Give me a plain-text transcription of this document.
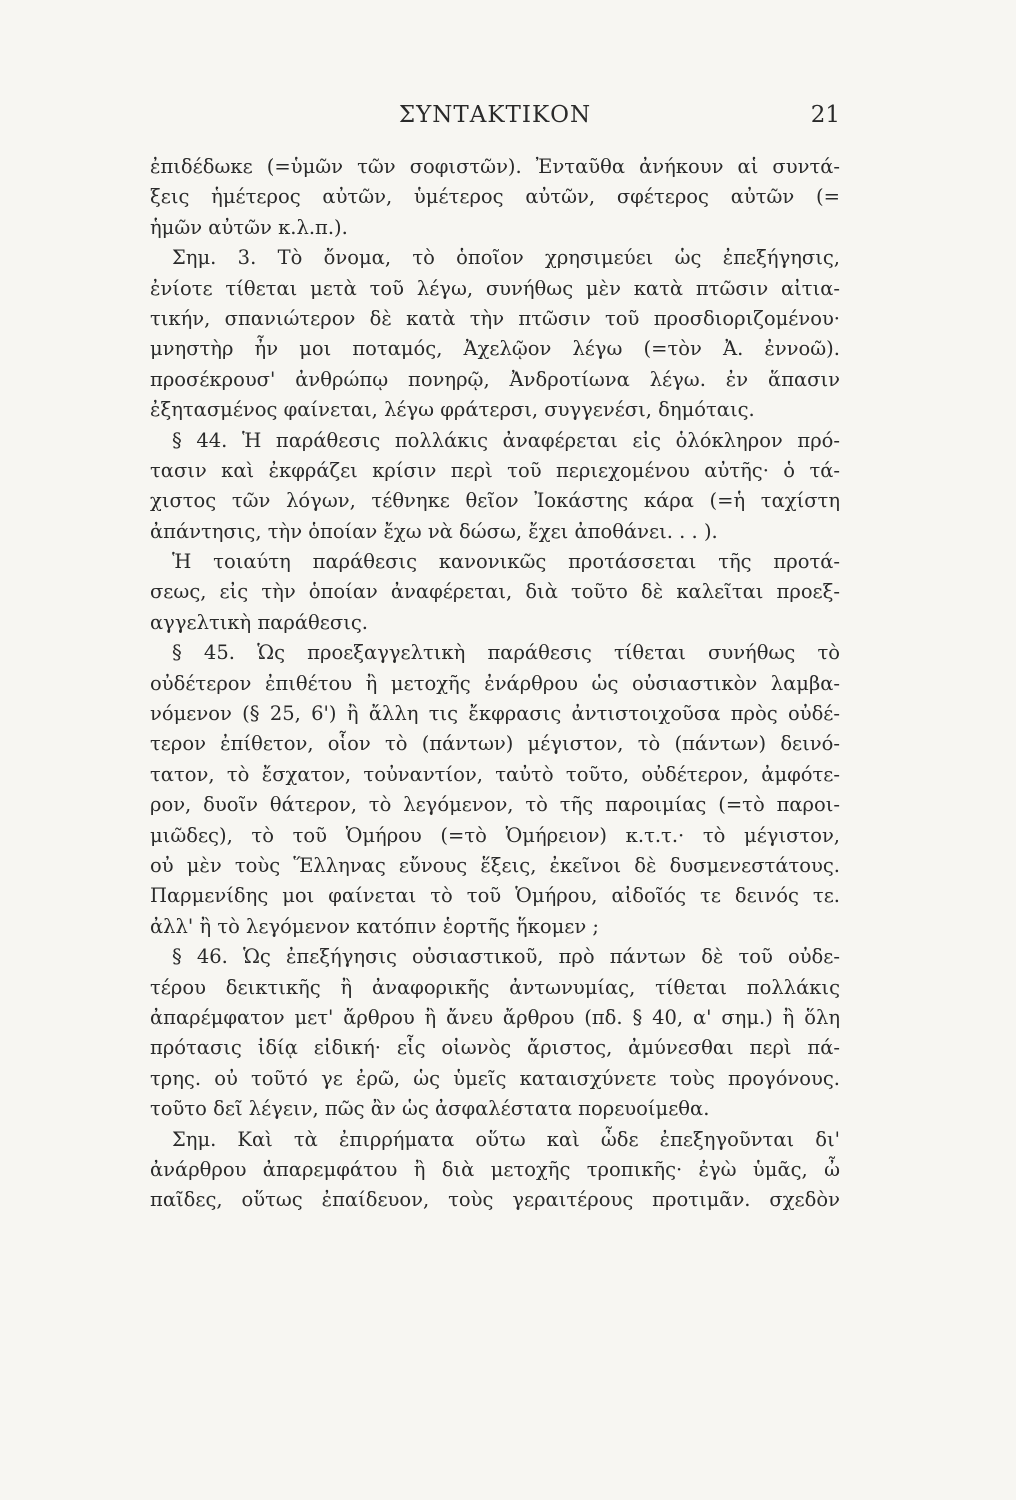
ΣΥΝΤΑΚΤΙΚΟΝ	21
ἐπιδέδωκε (=ὑμῶν τῶν σοφιστῶν). Ἐνταῦθα ἀνήκουν αἱ συντά-
ξεις ἡμέτερος αὐτῶν, ὑμέτερος αὐτῶν, σφέτερος αὐτῶν (=
ἡμῶν αὐτῶν κ.λ.π.).
Σημ. 3. Τὸ ὄνομα, τὸ ὁποῖον χρησιμεύει ὡς ἐπεξήγησις,
ἐνίοτε τίθεται μετὰ τοῦ λέγω, συνήθως μὲν κατὰ πτῶσιν αἰτια-
τικήν, σπανιώτερον δὲ κατὰ τὴν πτῶσιν τοῦ προσδιοριζομένου·
μνηστὴρ ἦν μοι ποταμός, Ἀχελῷον λέγω (=τὸν Ἀ. ἐννοῶ).
προσέκρουσ' ἀνθρώπῳ πονηρῷ, Ἀνδροτίωνα λέγω. ἐν ἅπασιν
ἐξητασμένος φαίνεται, λέγω φράτερσι, συγγενέσι, δημόταις.
§ 44. Ἡ παράθεσις πολλάκις ἀναφέρεται εἰς ὁλόκληρον πρό-
τασιν καὶ ἐκφράζει κρίσιν περὶ τοῦ περιεχομένου αὐτῆς· ὁ τά-
χιστος τῶν λόγων, τέθνηκε θεῖον Ἰοκάστης κάρα (=ἡ ταχίστη
ἀπάντησις, τὴν ὁποίαν ἔχω νὰ δώσω, ἔχει ἀποθάνει. . . ).
Ἡ τοιαύτη παράθεσις κανονικῶς προτάσσεται τῆς προτά-
σεως, εἰς τὴν ὁποίαν ἀναφέρεται, διὰ τοῦτο δὲ καλεῖται προεξ-
αγγελτικὴ παράθεσις.
§ 45. Ὡς προεξαγγελτικὴ παράθεσις τίθεται συνήθως τὸ
οὐδέτερον ἐπιθέτου ἢ μετοχῆς ἐνάρθρου ὡς οὐσιαστικὸν λαμβα-
νόμενον (§ 25, 6') ἢ ἄλλη τις ἔκφρασις ἀντιστοιχοῦσα πρὸς οὐδέ-
τερον ἐπίθετον, οἷον τὸ (πάντων) μέγιστον, τὸ (πάντων) δεινό-
τατον, τὸ ἔσχατον, τοὐναντίον, ταὐτὸ τοῦτο, οὐδέτερον, ἀμφότε-
ρον, δυοῖν θάτερον, τὸ λεγόμενον, τὸ τῆς παροιμίας (=τὸ παροι-
μιῶδες), τὸ τοῦ Ὁμήρου (=τὸ Ὁμήρειον) κ.τ.τ.· τὸ μέγιστον,
οὐ μὲν τοὺς Ἕλληνας εὔνους ἕξεις, ἐκεῖνοι δὲ δυσμενεστάτους.
Παρμενίδης μοι φαίνεται τὸ τοῦ Ὁμήρου, αἰδοῖός τε δεινός τε.
ἀλλ' ἢ τὸ λεγόμενον κατόπιν ἑορτῆς ἥκομεν ;
§ 46. Ὡς ἐπεξήγησις οὐσιαστικοῦ, πρὸ πάντων δὲ τοῦ οὐδε-
τέρου δεικτικῆς ἢ ἀναφορικῆς ἀντωνυμίας, τίθεται πολλάκις
ἀπαρέμφατον μετ' ἄρθρου ἢ ἄνευ ἄρθρου (πδ. § 40, α' σημ.) ἢ ὅλη
πρότασις ἰδίᾳ εἰδική· εἷς οἰωνὸς ἄριστος, ἀμύνεσθαι περὶ πά-
τρης. οὐ τοῦτό γε ἐρῶ, ὡς ὑμεῖς καταισχύνετε τοὺς προγόνους.
τοῦτο δεῖ λέγειν, πῶς ἂν ὡς ἀσφαλέστατα πορευοίμεθα.
Σημ. Καὶ τὰ ἐπιρρήματα οὕτω καὶ ὧδε ἐπεξηγοῦνται δι'
ἀνάρθρου ἀπαρεμφάτου ἢ διὰ μετοχῆς τροπικῆς· ἐγὼ ὑμᾶς, ὦ
παῖδες, οὕτως ἐπαίδευον, τοὺς γεραιτέρους προτιμᾶν. σχεδὸν
